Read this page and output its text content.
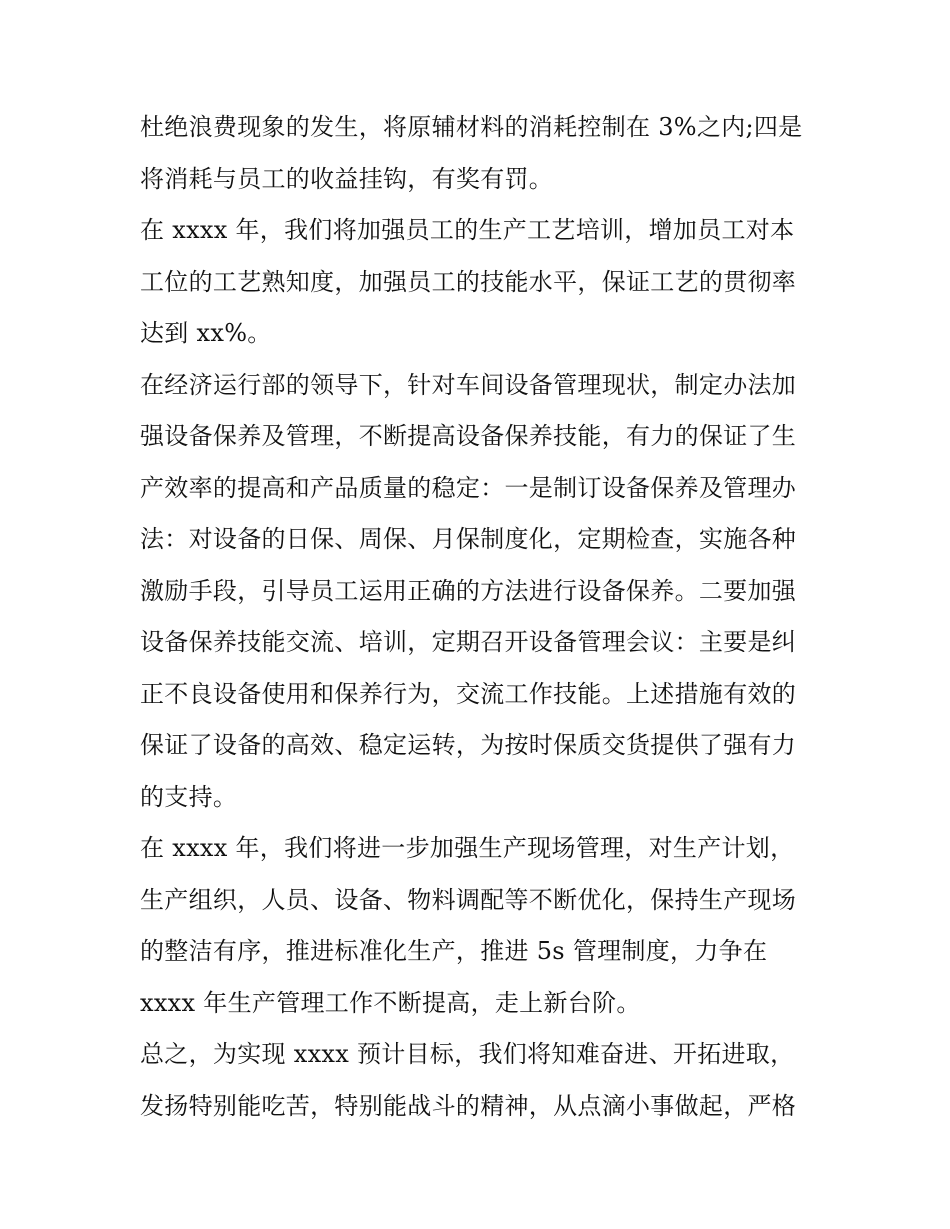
杜绝浪费现象的发生，将原辅材料的消耗控制在 3%之内;四是
将消耗与员工的收益挂钩，有奖有罚。
在 xxxx 年，我们将加强员工的生产工艺培训，增加员工对本
工位的工艺熟知度，加强员工的技能水平，保证工艺的贯彻率
达到 xx%。
在经济运行部的领导下，针对车间设备管理现状，制定办法加
强设备保养及管理，不断提高设备保养技能，有力的保证了生
产效率的提高和产品质量的稳定：一是制订设备保养及管理办
法：对设备的日保、周保、月保制度化，定期检查，实施各种
激励手段，引导员工运用正确的方法进行设备保养。二要加强
设备保养技能交流、培训，定期召开设备管理会议：主要是纠
正不良设备使用和保养行为，交流工作技能。上述措施有效的
保证了设备的高效、稳定运转，为按时保质交货提供了强有力
的支持。
在 xxxx 年，我们将进一步加强生产现场管理，对生产计划，
生产组织，人员、设备、物料调配等不断优化，保持生产现场
的整洁有序，推进标准化生产，推进 5s 管理制度，力争在
xxxx 年生产管理工作不断提高，走上新台阶。
总之，为实现 xxxx 预计目标，我们将知难奋进、开拓进取，
发扬特别能吃苦，特别能战斗的精神，从点滴小事做起，严格
